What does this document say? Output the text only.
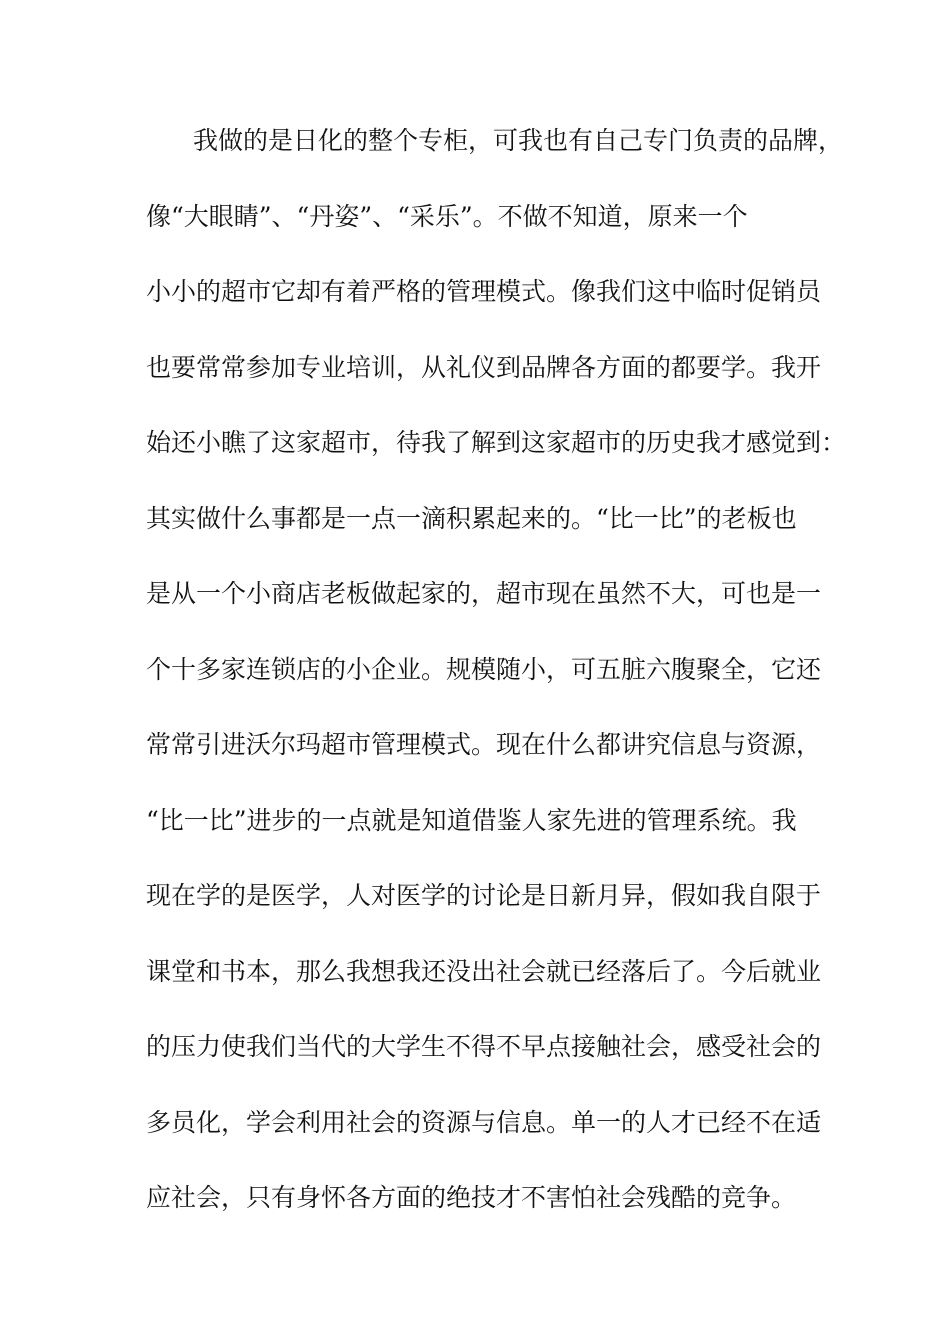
我做的是日化的整个专柜，可我也有自己专门负责的品牌，
像“大眼睛”、“丹姿”、“采乐”。不做不知道，原来一个
小小的超市它却有着严格的管理模式。像我们这中临时促销员
也要常常参加专业培训，从礼仪到品牌各方面的都要学。我开
始还小瞧了这家超市，待我了解到这家超市的历史我才感觉到：
其实做什么事都是一点一滴积累起来的。“比一比”的老板也
是从一个小商店老板做起家的，超市现在虽然不大，可也是一
个十多家连锁店的小企业。规模随小，可五脏六腹聚全，它还
常常引进沃尔玛超市管理模式。现在什么都讲究信息与资源，
“比一比”进步的一点就是知道借鉴人家先进的管理系统。我
现在学的是医学，人对医学的讨论是日新月异，假如我自限于
课堂和书本，那么我想我还没出社会就已经落后了。今后就业
的压力使我们当代的大学生不得不早点接触社会，感受社会的
多员化，学会利用社会的资源与信息。单一的人才已经不在适
应社会，只有身怀各方面的绝技才不害怕社会残酷的竞争。
